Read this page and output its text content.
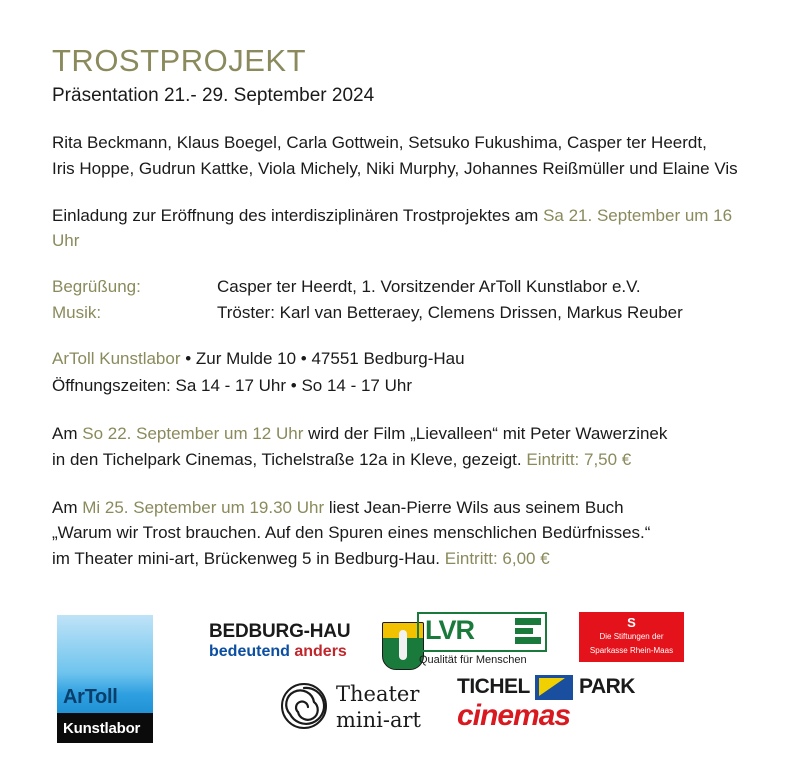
TROSTPROJEKT
Präsentation 21.- 29. September 2024
Rita Beckmann, Klaus Boegel, Carla Gottwein, Setsuko Fukushima, Casper ter Heerdt,
Iris Hoppe, Gudrun Kattke, Viola Michely, Niki Murphy, Johannes Reißmüller und Elaine Vis
Einladung zur Eröffnung des interdisziplinären Trostprojektes am Sa 21. September um 16 Uhr
Begrüßung:	Casper ter Heerdt, 1. Vorsitzender ArToll Kunstlabor e.V.
Musik:	Tröster: Karl van Betteraey, Clemens Drissen, Markus Reuber
ArToll Kunstlabor • Zur Mulde 10 • 47551 Bedburg-Hau
Öffnungszeiten: Sa 14 - 17 Uhr • So 14 - 17 Uhr
Am So 22. September um 12 Uhr wird der Film „Lievalleen“ mit Peter Wawerzinek
in den Tichelpark Cinemas, Tichelstraße 12a in Kleve, gezeigt. Eintritt: 7,50 €
Am Mi 25. September um 19.30 Uhr liest Jean-Pierre Wils aus seinem Buch
„Warum wir Trost brauchen. Auf den Spuren eines menschlichen Bedürfnisses.“
im Theater mini-art, Brückenweg 5 in Bedburg-Hau. Eintritt: 6,00 €
ArToll
Kunstlabor
BEDBURG-HAU
bedeutend anders
LVR
Qualität für Menschen
S
Die Stiftungen der
Sparkasse Rhein-Maas
Theater
mini-art
TICHEL PARK
cinemas
